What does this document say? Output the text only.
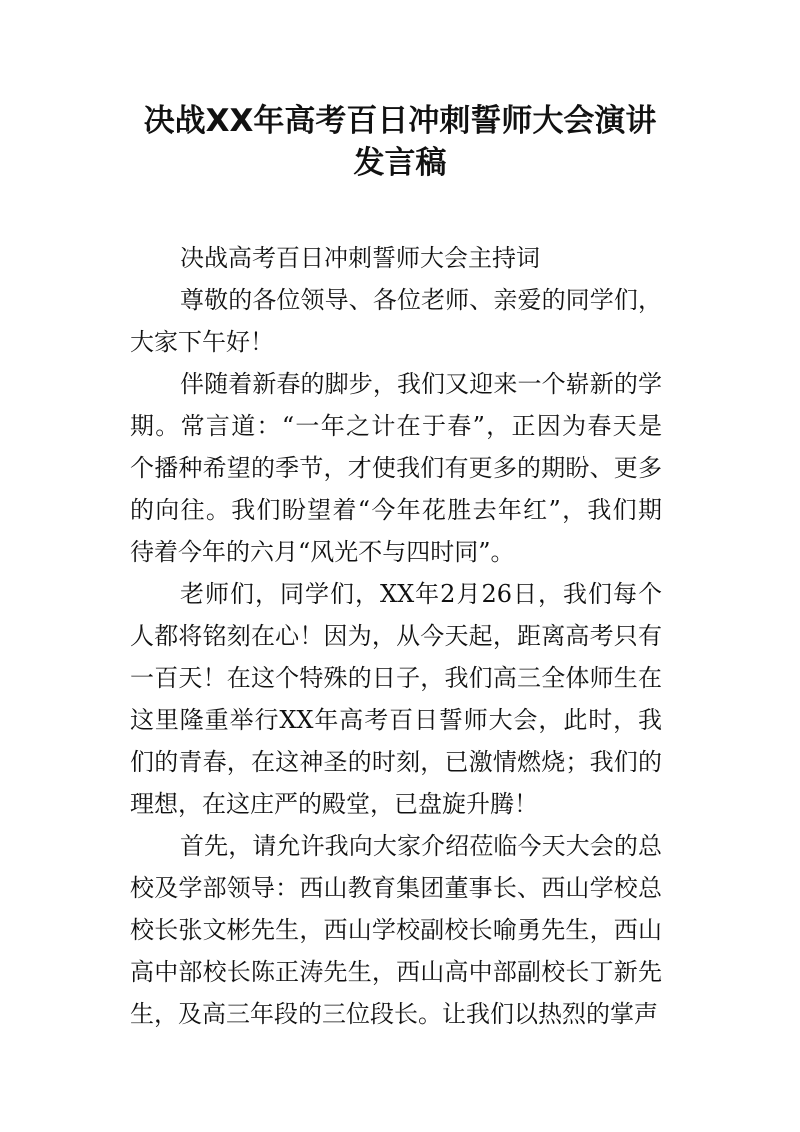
决战XX年高考百日冲刺誓师大会演讲
发言稿
决战高考百日冲刺誓师大会主持词
尊敬的各位领导、各位老师、亲爱的同学们，
大家下午好！
伴随着新春的脚步，我们又迎来一个崭新的学
期。常言道：“一年之计在于春”，正因为春天是
个播种希望的季节，才使我们有更多的期盼、更多
的向往。我们盼望着“今年花胜去年红”，我们期
待着今年的六月“风光不与四时同”。
老师们，同学们，XX年2月26日，我们每个
人都将铭刻在心！因为，从今天起，距离高考只有
一百天！在这个特殊的日子，我们高三全体师生在
这里隆重举行XX年高考百日誓师大会，此时，我
们的青春，在这神圣的时刻，已激情燃烧；我们的
理想，在这庄严的殿堂，已盘旋升腾！
首先，请允许我向大家介绍莅临今天大会的总
校及学部领导：西山教育集团董事长、西山学校总
校长张文彬先生，西山学校副校长喻勇先生，西山
高中部校长陈正涛先生，西山高中部副校长丁新先
生，及高三年段的三位段长。让我们以热烈的掌声
